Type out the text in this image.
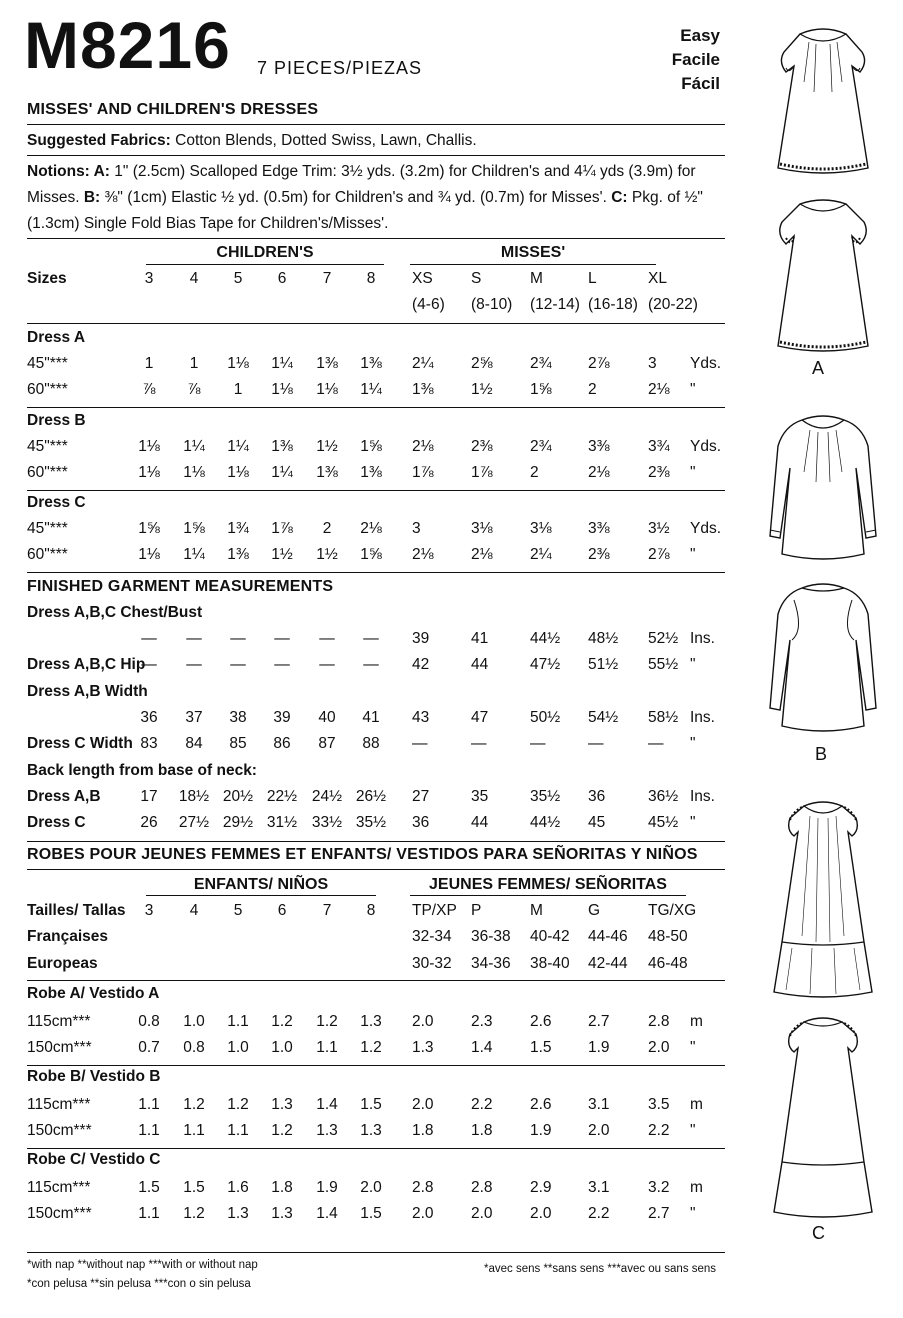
M8216 7 PIECES/PIEZAS
Easy
Facile
Fácil
MISSES' AND CHILDREN'S DRESSES
Suggested Fabrics: Cotton Blends, Dotted Swiss, Lawn, Challis.
Notions: A: 1" (2.5cm) Scalloped Edge Trim: 3½ yds. (3.2m) for Children's and 4¼ yds (3.9m) for Misses. B: ⅜" (1cm) Elastic ½ yd. (0.5m) for Children's and ¾ yd. (0.7m) for Misses'. C: Pkg. of ½" (1.3cm) Single Fold Bias Tape for Children's/Misses'.
CHILDREN'S	MISSES'
Sizes	3	4	5	6	7	8	XS S	M	L	XL
(4-6) (8-10) (12-14) (16-18) (20-22)
Dress A
45"***	1	1	1⅛	1¼	1⅜	1⅜	2¼ 2⅝ 2¾ 2⅞ 3 Yds.
60"***	⅞	⅞	1	1⅛	1⅛	1¼	1⅜ 1½ 1⅝ 2	2⅛ "
Dress B
45"***	1⅛	1¼	1¼	1⅜	1½	1⅝	2⅛ 2⅜ 2¾ 3⅜ 3¾ Yds.
60"***	1⅛	1⅛	1⅛	1¼	1⅜	1⅜	1⅞ 1⅞ 2	2⅛ 2⅜ "
Dress C
45"***	1⅝	1⅝	1¾	1⅞	2	2⅛	3	3⅛ 3⅛ 3⅜ 3½ Yds.
60"***	1⅛	1¼	1⅜	1½	1½	1⅝	2⅛ 2⅛ 2¼ 2⅜ 2⅞ "
FINISHED GARMENT MEASUREMENTS
Dress A,B,C Chest/Bust
—	—	—	—	—	—	39	41	44½ 48½ 52½ Ins.
Dress A,B,C Hip
—	—	—	—	—	—	42	44	47½ 51½ 55½ "
Dress A,B Width
36	37	38	39	40	41	43	47	50½ 54½ 58½ Ins.
Dress C Width 83	84	85	86	87	88	—	—	—	—	— "
Back length from base of neck:
Dress A,B	17	18½ 20½ 22½ 24½ 26½	27	35	35½ 36	36½ Ins.
Dress C	26	27½ 29½ 31½ 33½ 35½	36	44	44½ 45	45½ "
ROBES POUR JEUNES FEMMES ET ENFANTS/ VESTIDOS PARA SEÑORITAS Y NIÑOS
ENFANTS/ NIÑOS	JEUNES FEMMES/ SEÑORITAS
Tailles/ Tallas	3	4	5	6	7	8	TP/XP P	M	G	TG/XG
Françaises	32-34 36-38 40-42 44-46 48-50
Europeas	30-32 34-36 38-40 42-44 46-48
Robe A/ Vestido A
115cm***	0.8	1.0	1.1	1.2	1.2	1.3	2.0 2.3 2.6 2.7 2.8 m
150cm***	0.7	0.8	1.0	1.0	1.1	1.2	1.3 1.4 1.5 1.9 2.0 "
Robe B/ Vestido B
115cm***	1.1	1.2	1.2	1.3	1.4	1.5	2.0 2.2 2.6 3.1 3.5 m
150cm***	1.1	1.1	1.1	1.2	1.3	1.3	1.8 1.8 1.9 2.0 2.2 "
Robe C/ Vestido C
115cm***	1.5	1.5	1.6	1.8	1.9	2.0	2.8 2.8 2.9 3.1 3.2 m
150cm***	1.1	1.2	1.3	1.3	1.4	1.5	2.0 2.0 2.0 2.2 2.7 "
*with nap **without nap ***with or without nap
*con pelusa **sin pelusa ***con o sin pelusa
*avec sens **sans sens ***avec ou sans sens
A
B
C
